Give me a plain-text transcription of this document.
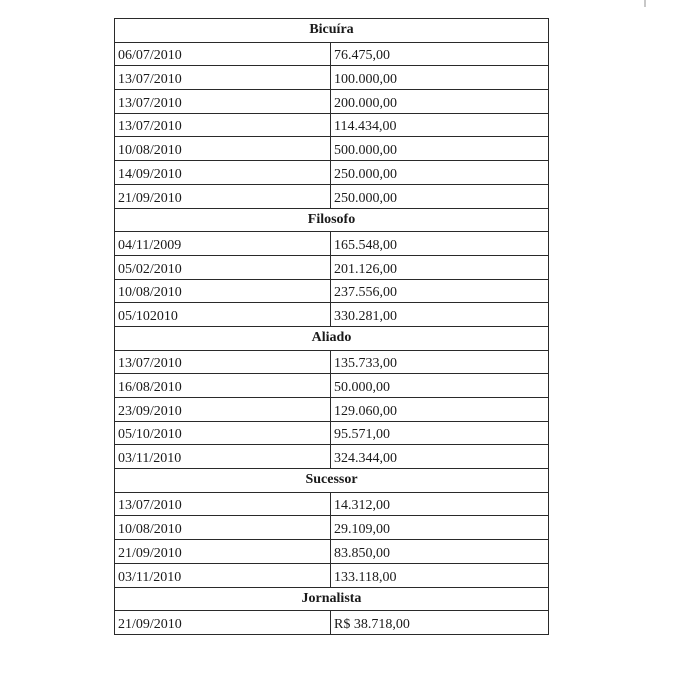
Bicuíra	
06/07/2010	76.475,00
13/07/2010	100.000,00
13/07/2010	200.000,00
13/07/2010	114.434,00
10/08/2010	500.000,00
14/09/2010	250.000,00
21/09/2010	250.000,00
Filosofo	
04/11/2009	165.548,00
05/02/2010	201.126,00
10/08/2010	237.556,00
05/102010	330.281,00
Aliado	
13/07/2010	135.733,00
16/08/2010	50.000,00
23/09/2010	129.060,00
05/10/2010	95.571,00
03/11/2010	324.344,00
Sucessor	
13/07/2010	14.312,00
10/08/2010	29.109,00
21/09/2010	83.850,00
03/11/2010	133.118,00
Jornalista	
21/09/2010	R$ 38.718,00
